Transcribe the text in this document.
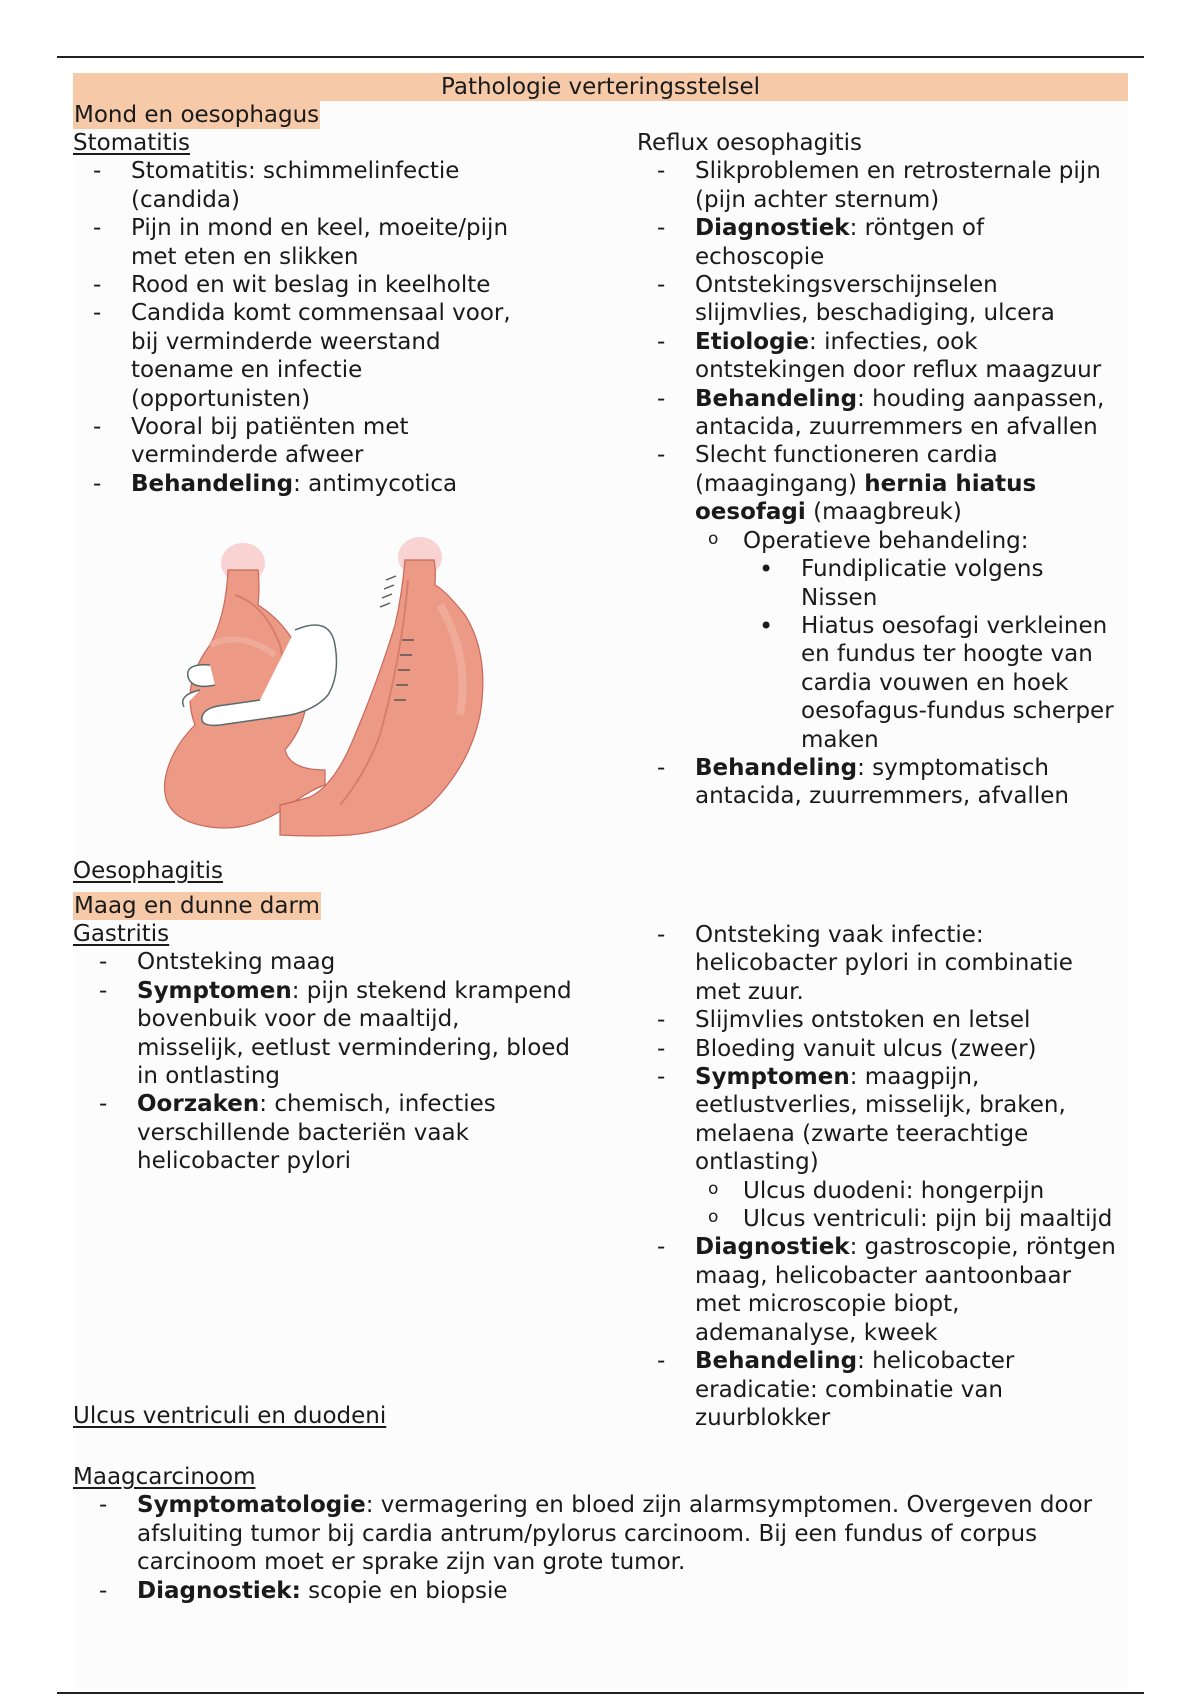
Pathologie verteringsstelsel
Mond en oesophagus
Stomatitis
- Stomatitis: schimmelinfectie (candida)
- Pijn in mond en keel, moeite/pijn met eten en slikken
- Rood en wit beslag in keelholte
- Candida komt commensaal voor, bij verminderde weerstand toename en infectie (opportunisten)
- Vooral bij patiënten met verminderde afweer
- Behandeling: antimycotica
Oesophagitis
Maag en dunne darm
Gastritis
- Ontsteking maag
- Symptomen: pijn stekend krampend bovenbuik voor de maaltijd, misselijk, eetlust vermindering, bloed in ontlasting
- Oorzaken: chemisch, infecties verschillende bacteriën vaak helicobacter pylori
Ulcus ventriculi en duodeni
Reflux oesophagitis
- Slikproblemen en retrosternale pijn (pijn achter sternum)
- Diagnostiek: röntgen of echoscopie
- Ontstekingsverschijnselen slijmvlies, beschadiging, ulcera
- Etiologie: infecties, ook ontstekingen door reflux maagzuur
- Behandeling: houding aanpassen, antacida, zuurremmers en afvallen
- Slecht functioneren cardia (maagingang) hernia hiatus oesofagi (maagbreuk)
o Operatieve behandeling:
• Fundiplicatie volgens Nissen
• Hiatus oesofagi verkleinen en fundus ter hoogte van cardia vouwen en hoek oesofagus-fundus scherper maken
- Behandeling: symptomatisch antacida, zuurremmers, afvallen
- Ontsteking vaak infectie: helicobacter pylori in combinatie met zuur.
- Slijmvlies ontstoken en letsel
- Bloeding vanuit ulcus (zweer)
- Symptomen: maagpijn, eetlustverlies, misselijk, braken, melaena (zwarte teerachtige ontlasting)
o Ulcus duodeni: hongerpijn
o Ulcus ventriculi: pijn bij maaltijd
- Diagnostiek: gastroscopie, röntgen maag, helicobacter aantoonbaar met microscopie biopt, ademanalyse, kweek
- Behandeling: helicobacter eradicatie: combinatie van zuurblokker
Maagcarcinoom
- Symptomatologie: vermagering en bloed zijn alarmsymptomen. Overgeven door afsluiting tumor bij cardia antrum/pylorus carcinoom. Bij een fundus of corpus carcinoom moet er sprake zijn van grote tumor.
- Diagnostiek: scopie en biopsie
